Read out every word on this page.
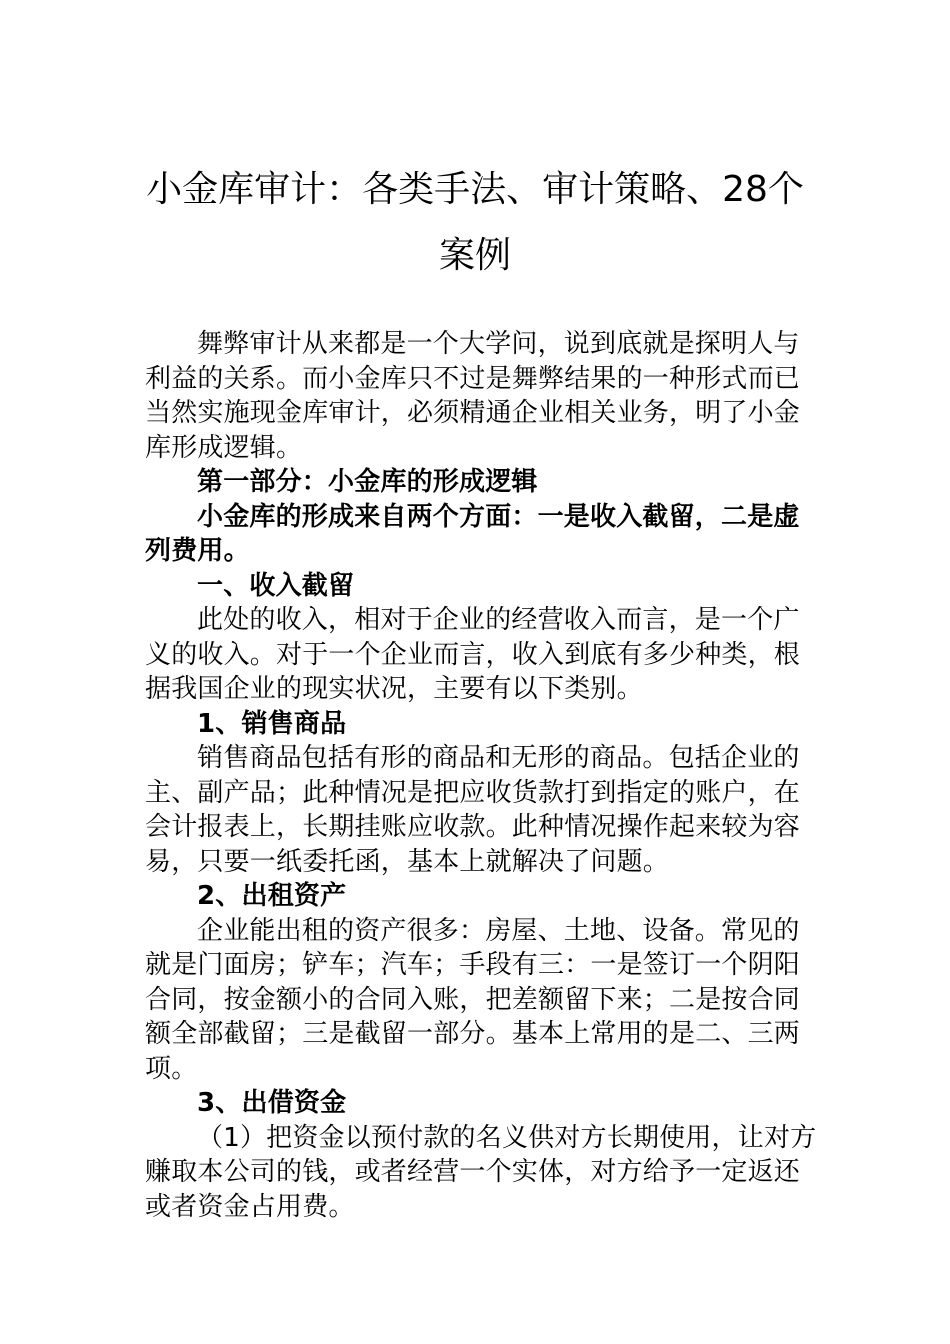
小金库审计：各类手法、审计策略、28个
案例
舞弊审计从来都是一个大学问，说到底就是探明人与
利益的关系。而小金库只不过是舞弊结果的一种形式而已
当然实施现金库审计，必须精通企业相关业务，明了小金
库形成逻辑。
第一部分：小金库的形成逻辑
小金库的形成来自两个方面：一是收入截留，二是虚
列费用。
一、收入截留
此处的收入，相对于企业的经营收入而言，是一个广
义的收入。对于一个企业而言，收入到底有多少种类，根
据我国企业的现实状况，主要有以下类别。
1、销售商品
销售商品包括有形的商品和无形的商品。包括企业的
主、副产品；此种情况是把应收货款打到指定的账户，在
会计报表上，长期挂账应收款。此种情况操作起来较为容
易，只要一纸委托函，基本上就解决了问题。
2、出租资产
企业能出租的资产很多：房屋、土地、设备。常见的
就是门面房；铲车；汽车；手段有三：一是签订一个阴阳
合同，按金额小的合同入账，把差额留下来；二是按合同
额全部截留；三是截留一部分。基本上常用的是二、三两
项。
3、出借资金
（1）把资金以预付款的名义供对方长期使用，让对方
赚取本公司的钱，或者经营一个实体，对方给予一定返还
或者资金占用费。
